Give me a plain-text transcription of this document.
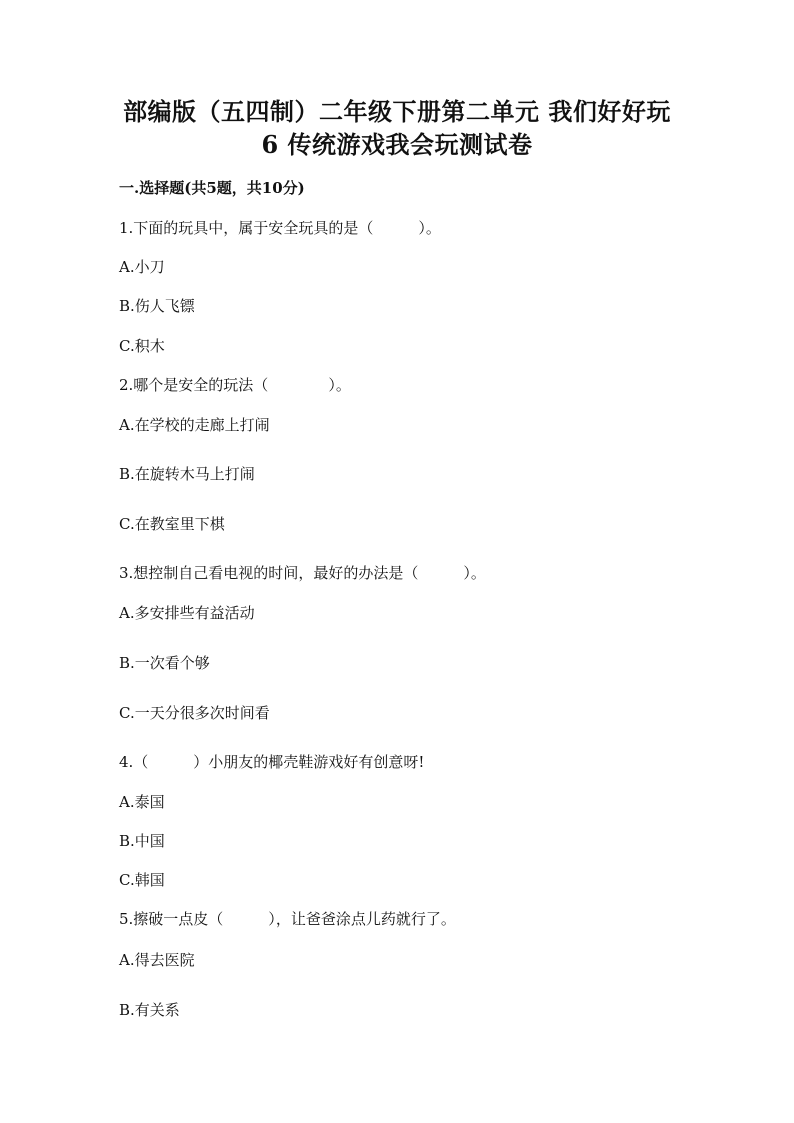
部编版（五四制）二年级下册第二单元 我们好好玩
6 传统游戏我会玩测试卷
一.选择题(共5题，共10分)
1.下面的玩具中，属于安全玩具的是（　　　）。
A.小刀
B.伤人飞镖
C.积木
2.哪个是安全的玩法（　　　　）。
A.在学校的走廊上打闹
B.在旋转木马上打闹
C.在教室里下棋
3.想控制自己看电视的时间，最好的办法是（　　　）。
A.多安排些有益活动
B.一次看个够
C.一天分很多次时间看
4.（　　　）小朋友的椰壳鞋游戏好有创意呀!
A.泰国
B.中国
C.韩国
5.擦破一点皮（　　　），让爸爸涂点儿药就行了。
A.得去医院
B.有关系
